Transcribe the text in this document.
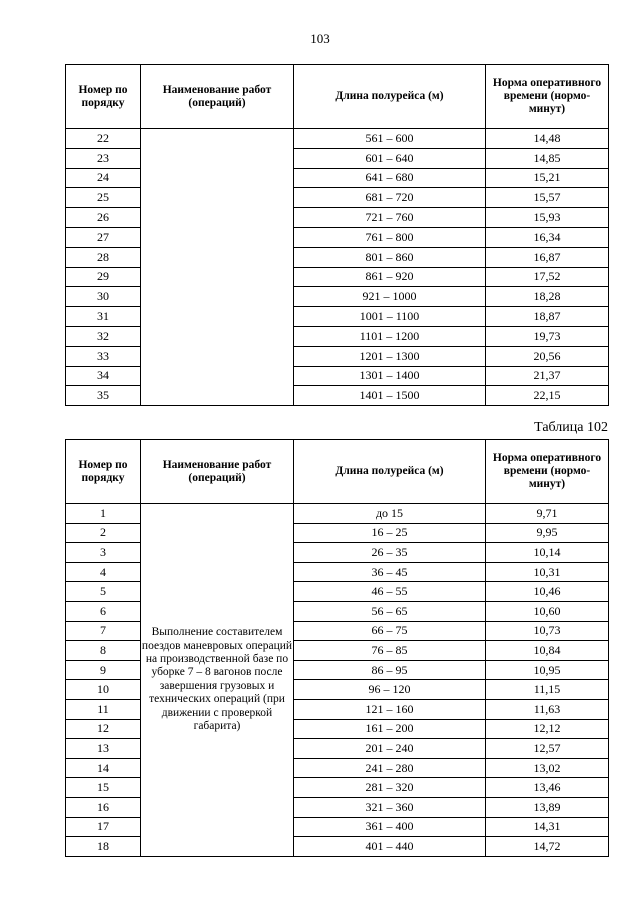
103
Номер по порядку	Наименование работ (операций)	Длина полурейса (м)	Норма оперативного времени (нормо-минут)
22		561 – 600	14,48
23		601 – 640	14,85
24		641 – 680	15,21
25		681 – 720	15,57
26		721 – 760	15,93
27		761 – 800	16,34
28		801 – 860	16,87
29		861 – 920	17,52
30		921 – 1000	18,28
31		1001 – 1100	18,87
32		1101 – 1200	19,73
33		1201 – 1300	20,56
34		1301 – 1400	21,37
35		1401 – 1500	22,15
Таблица 102
Номер по порядку	Наименование работ (операций)	Длина полурейса (м)	Норма оперативного времени (нормо-минут)
1	Выполнение составителем поездов маневровых операций на производственной базе по уборке 7 – 8 вагонов после завершения грузовых и технических операций (при движении с проверкой габарита)	до 15	9,71
2		16 – 25	9,95
3		26 – 35	10,14
4		36 – 45	10,31
5		46 – 55	10,46
6		56 – 65	10,60
7		66 – 75	10,73
8		76 – 85	10,84
9		86 – 95	10,95
10		96 – 120	11,15
11		121 – 160	11,63
12		161 – 200	12,12
13		201 – 240	12,57
14		241 – 280	13,02
15		281 – 320	13,46
16		321 – 360	13,89
17		361 – 400	14,31
18		401 – 440	14,72
